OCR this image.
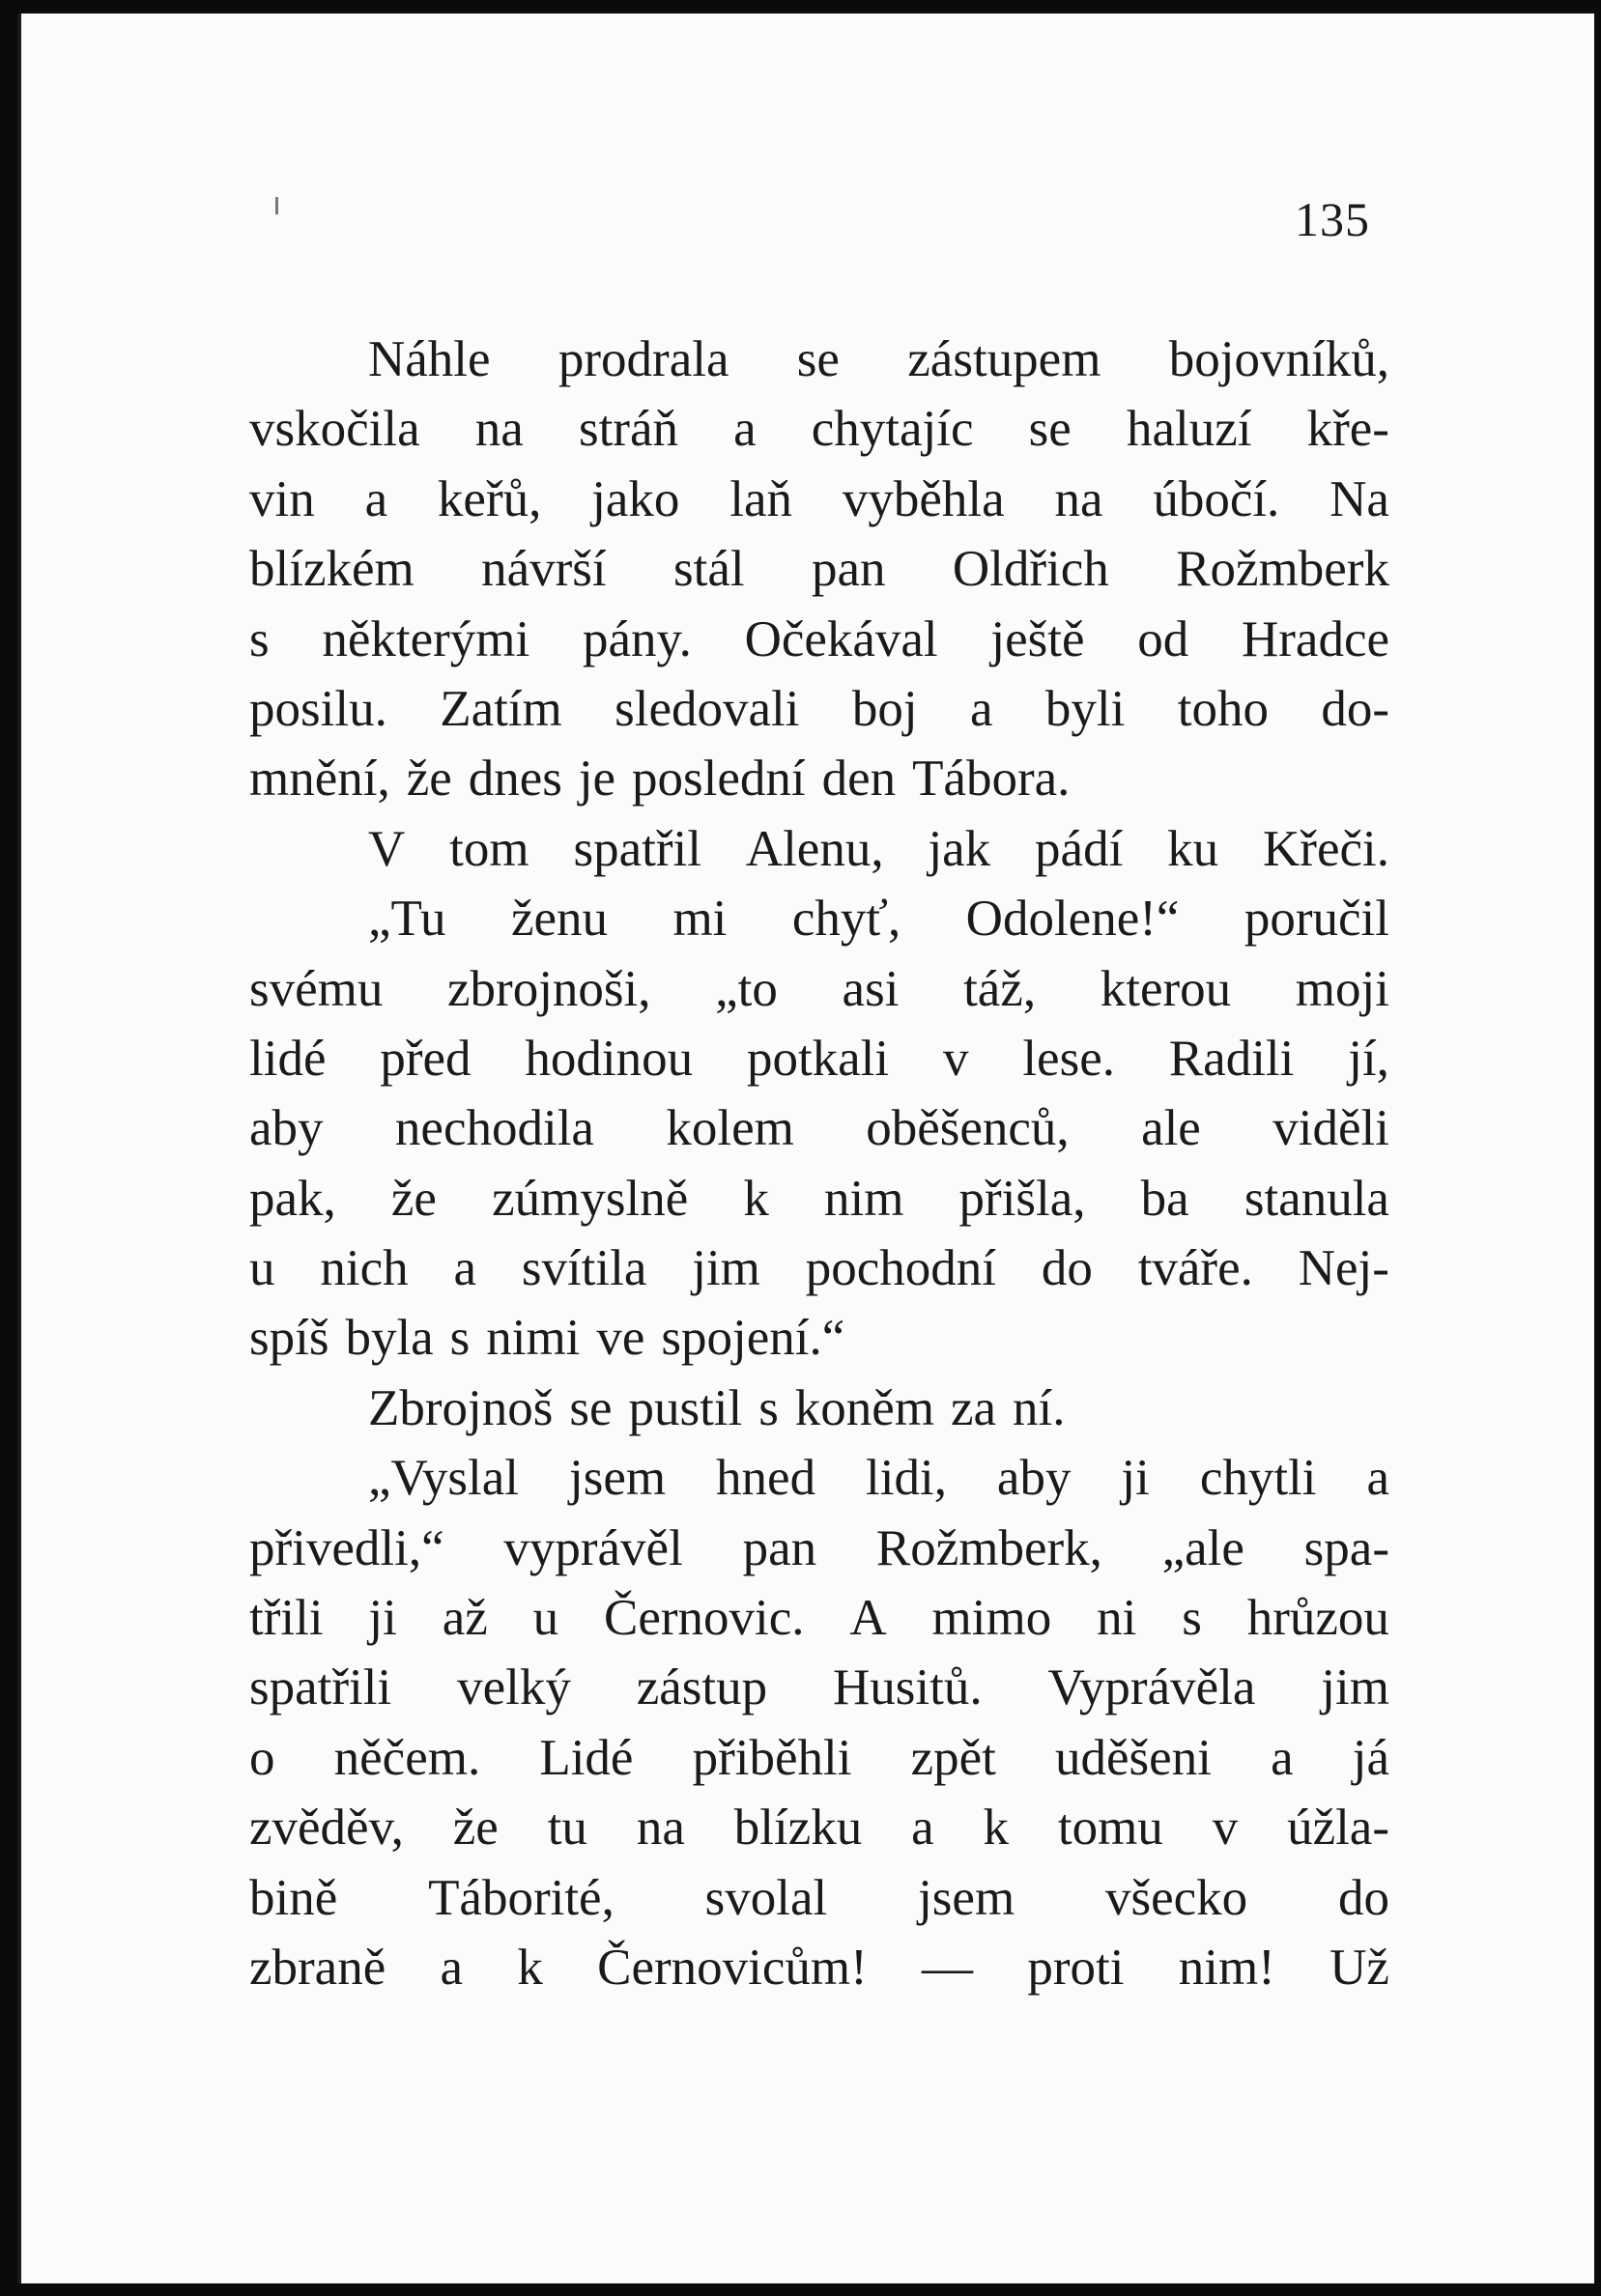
135
Náhle prodrala se zástupem bojovníků,
vskočila na stráň a chytajíc se haluzí kře-
vin a keřů, jako laň vyběhla na úbočí. Na
blízkém návrší stál pan Oldřich Rožmberk
s některými pány. Očekával ještě od Hradce
posilu. Zatím sledovali boj a byli toho do-
mnění, že dnes je poslední den Tábora.
V tom spatřil Alenu, jak pádí ku Křeči.
„Tu ženu mi chyť, Odolene!“ poručil
svému zbrojnoši, „to asi táž, kterou moji
lidé před hodinou potkali v lese. Radili jí,
aby nechodila kolem oběšenců, ale viděli
pak, že zúmyslně k nim přišla, ba stanula
u nich a svítila jim pochodní do tváře. Nej-
spíš byla s nimi ve spojení.“
Zbrojnoš se pustil s koněm za ní.
„Vyslal jsem hned lidi, aby ji chytli a
přivedli,“ vyprávěl pan Rožmberk, „ale spa-
třili ji až u Černovic. A mimo ni s hrůzou
spatřili velký zástup Husitů. Vyprávěla jim
o něčem. Lidé přiběhli zpět uděšeni a já
zvěděv, že tu na blízku a k tomu v úžla-
bině Táborité, svolal jsem všecko do
zbraně a k Černovicům! — proti nim! Už
